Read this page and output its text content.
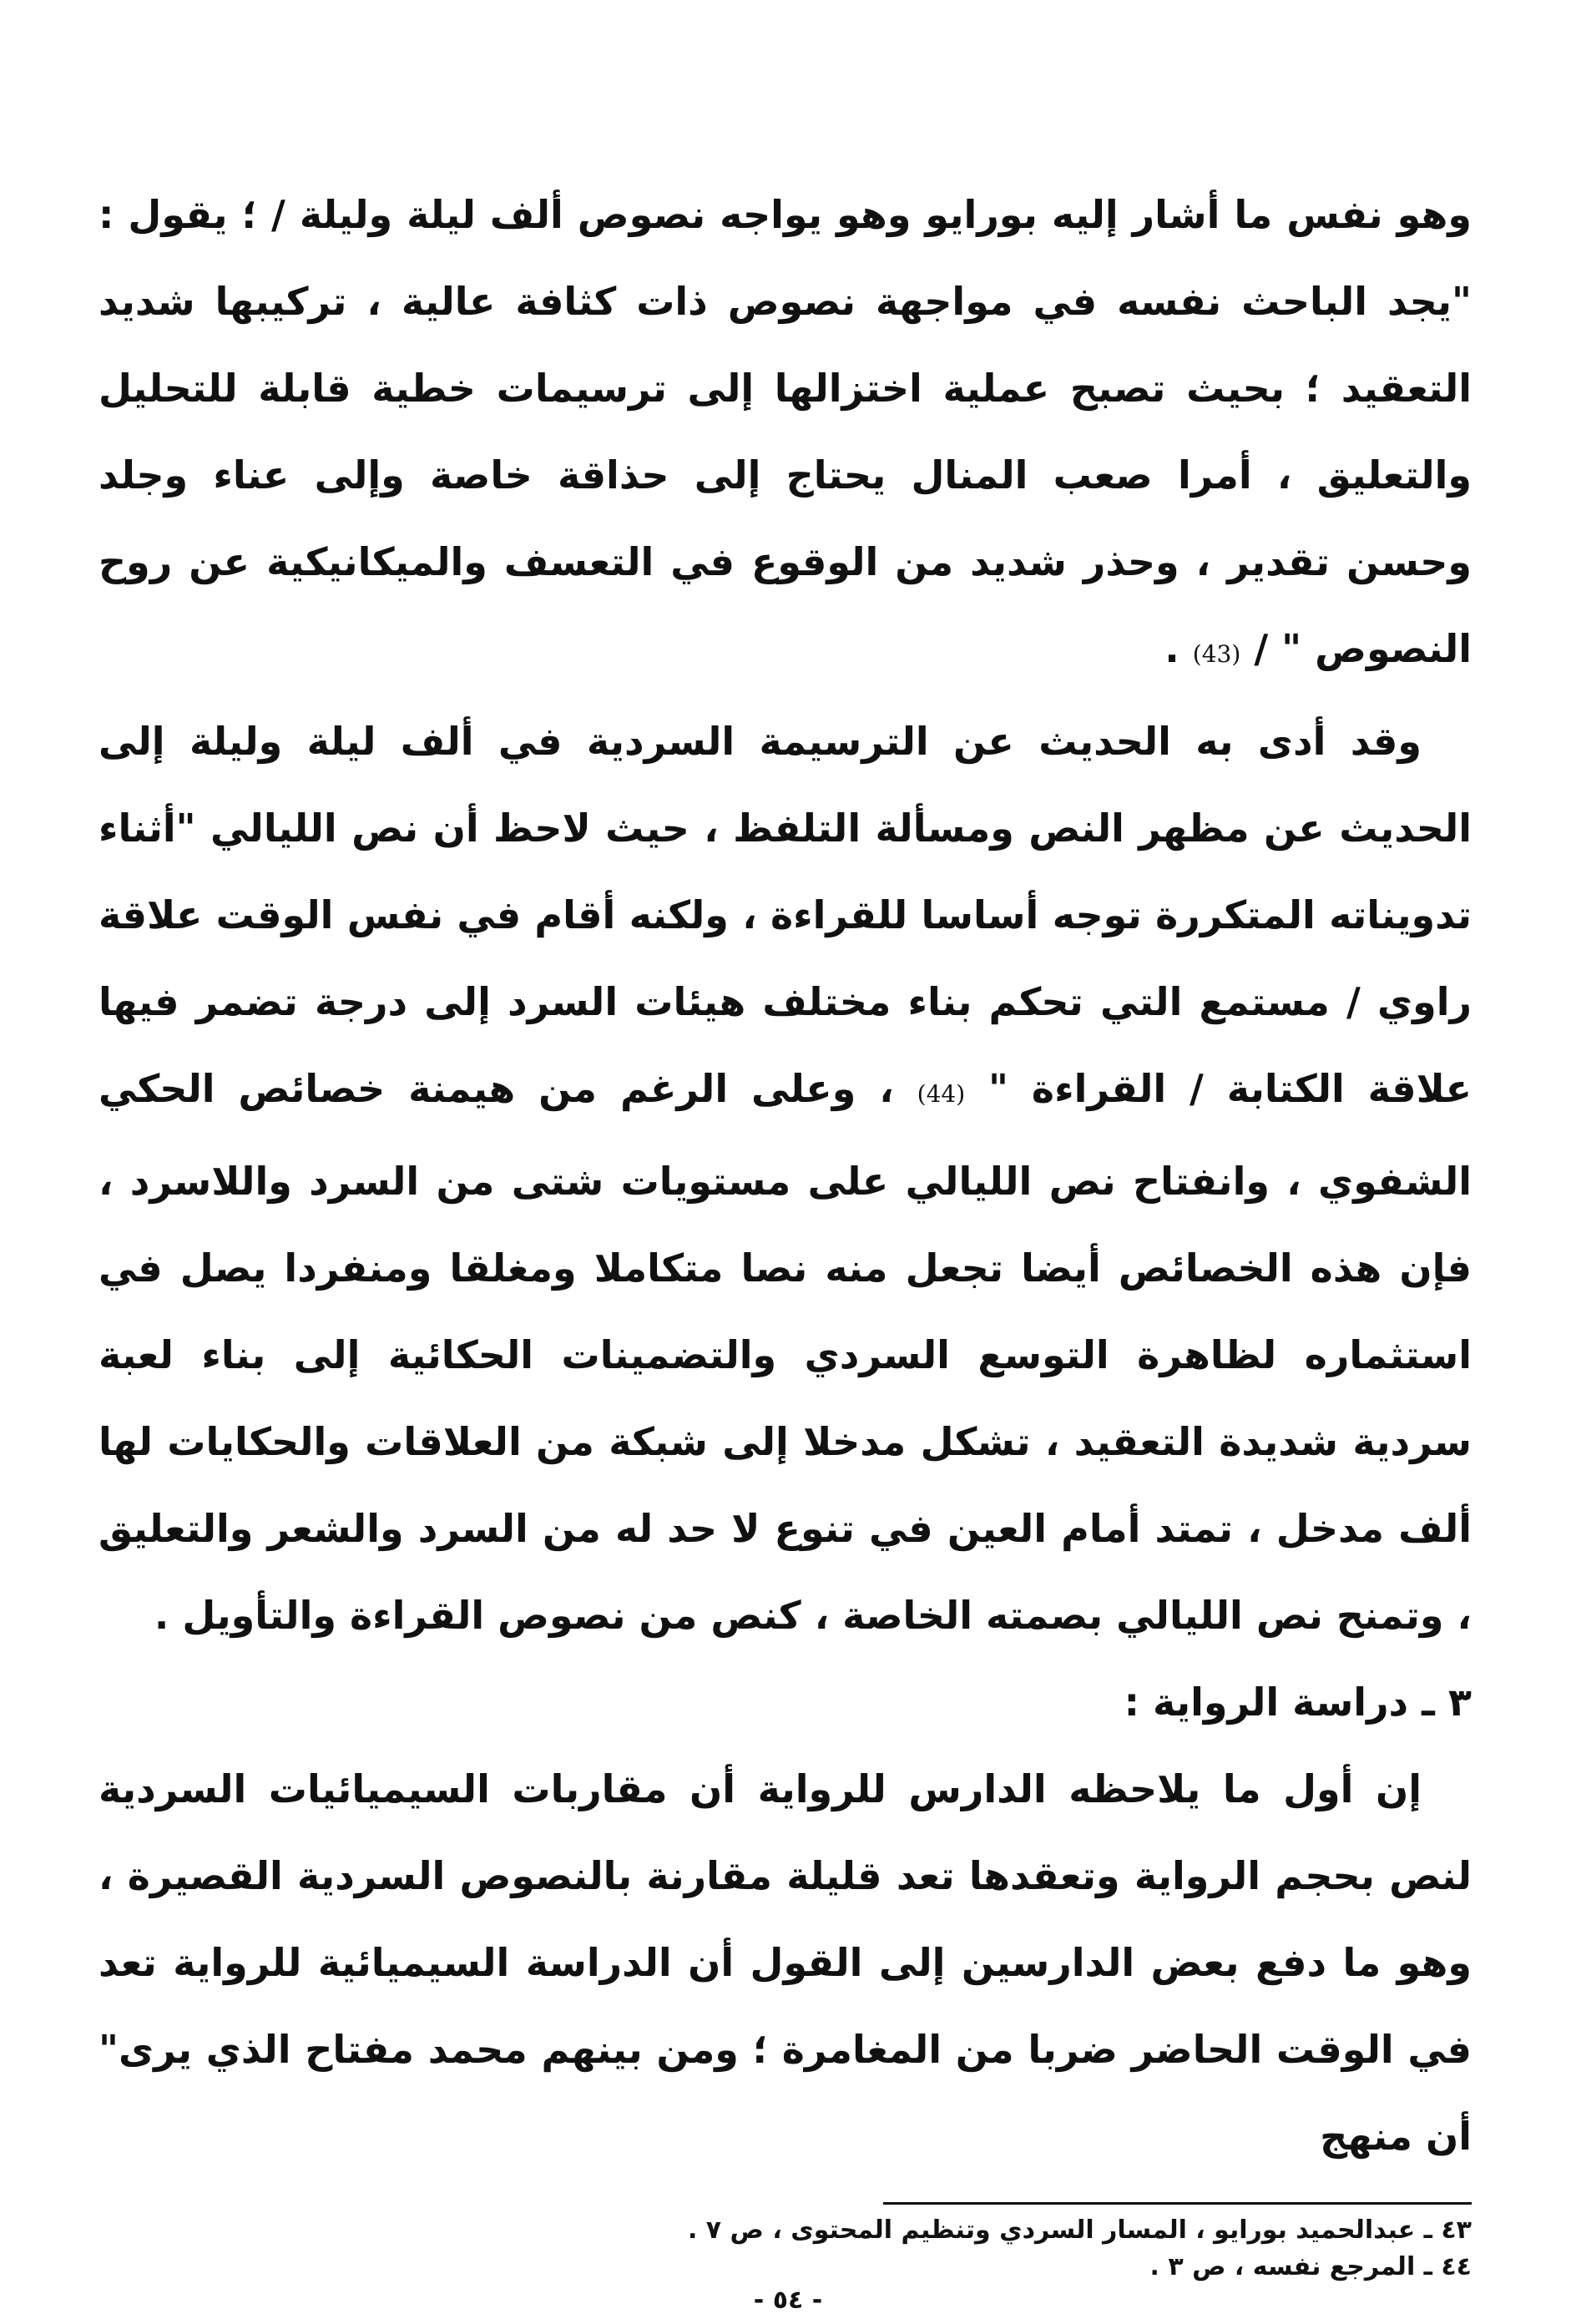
وهو نفس ما أشار إليه بورايو وهو يواجه نصوص ألف ليلة وليلة / ؛ يقول : "يجد الباحث نفسه في مواجهة نصوص ذات كثافة عالية ، تركيبها شديد التعقيد ؛ بحيث تصبح عملية اختزالها إلى ترسيمات خطية قابلة للتحليل والتعليق ، أمرا صعب المنال يحتاج إلى حذاقة خاصة وإلى عناء وجلد وحسن تقدير ، وحذر شديد من الوقوع في التعسف والميكانيكية عن روح النصوص " / (43) .

وقد أدى به الحديث عن الترسيمة السردية في ألف ليلة وليلة إلى الحديث عن مظهر النص ومسألة التلفظ ، حيث لاحظ أن نص الليالي "أثناء تدويناته المتكررة توجه أساسا للقراءة ، ولكنه أقام في نفس الوقت علاقة راوي / مستمع التي تحكم بناء مختلف هيئات السرد إلى درجة تضمر فيها علاقة الكتابة / القراءة " (44) ، وعلى الرغم من هيمنة خصائص الحكي الشفوي ، وانفتاح نص الليالي على مستويات شتى من السرد واللاسرد ، فإن هذه الخصائص أيضا تجعل منه نصا متكاملا ومغلقا ومنفردا يصل في استثماره لظاهرة التوسع السردي والتضمينات الحكائية إلى بناء لعبة سردية شديدة التعقيد ، تشكل مدخلا إلى شبكة من العلاقات والحكايات لها ألف مدخل ، تمتد أمام العين في تنوع لا حد له من السرد والشعر والتعليق ، وتمنح نص الليالي بصمته الخاصة ، كنص من نصوص القراءة والتأويل .

٣ ـ دراسة الرواية :

إن أول ما يلاحظه الدارس للرواية أن مقاربات السيميائيات السردية لنص بحجم الرواية وتعقدها تعد قليلة مقارنة بالنصوص السردية القصيرة ، وهو ما دفع بعض الدارسين إلى القول أن الدراسة السيميائية للرواية تعد في الوقت الحاضر ضربا من المغامرة ؛ ومن بينهم محمد مفتاح الذي يرى" أن منهج

٤٣ ـ عبدالحميد بورايو ، المسار السردي وتنظيم المحتوى ، ص ٧ .

٤٤ ـ المرجع نفسه ، ص ٣ .

- ٥٤ -
